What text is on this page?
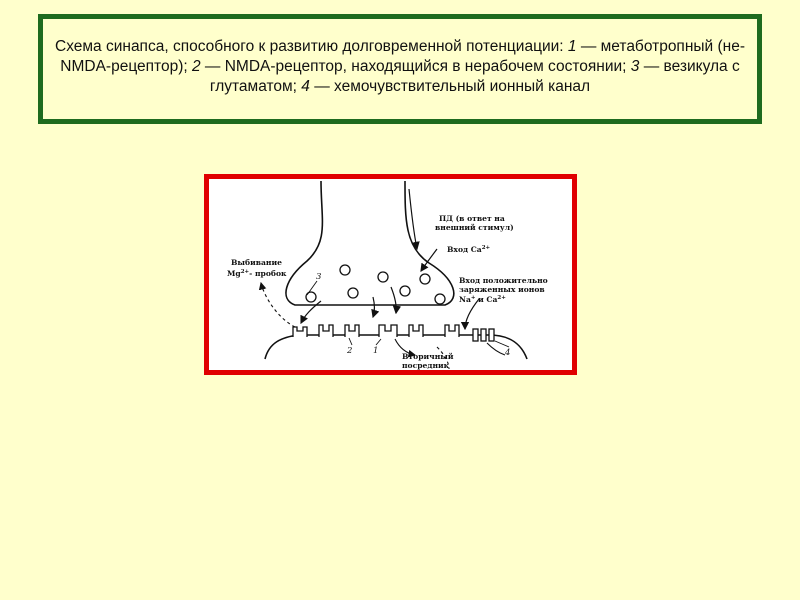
Схема синапса, способного к развитию долговременной потенциации: 1 — метаботропный (не-NMDA-рецептор); 2 — NMDA-рецептор, находящийся в нерабочем состоянии; 3 — везикула с глутаматом; 4 — хемочувствительный ионный канал
ПД (в ответ на
внешний стимул)
Вход $Ca^{2+}$
Выбивание
$Mg^{2+}-$ пробок
Вход положительно
заряженных ионов
Na+ и $Ca^{2+}$
Вторичный
посредник
3
2 1	4
